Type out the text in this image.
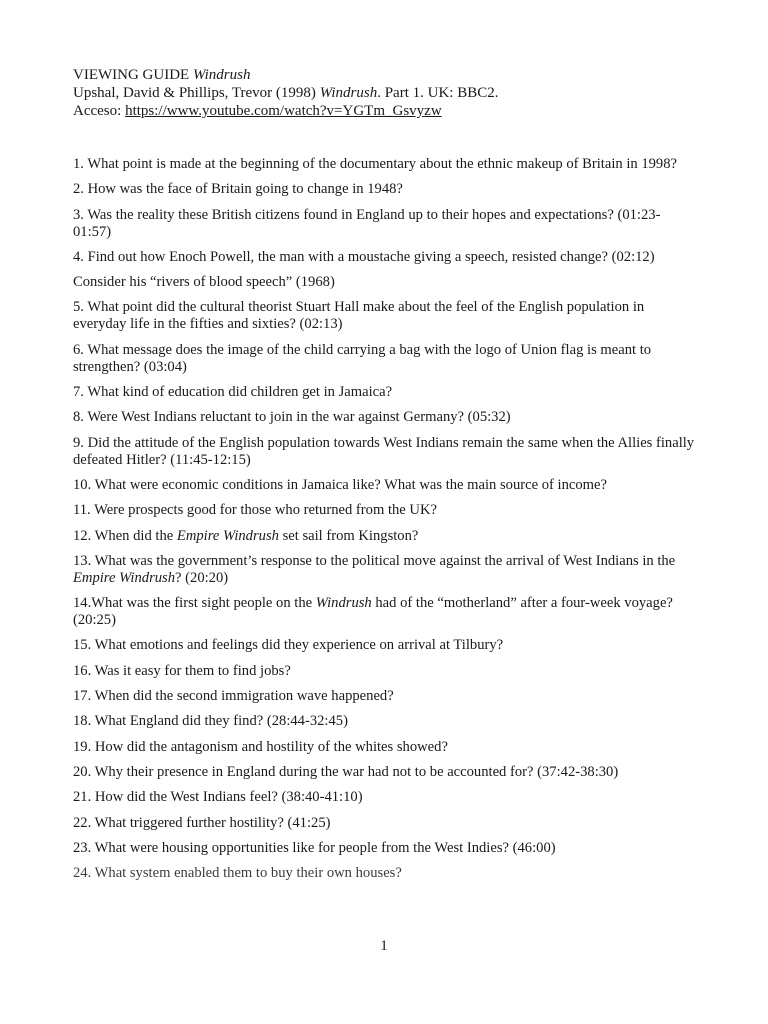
VIEWING GUIDE Windrush
Upshal, David & Phillips, Trevor (1998) Windrush. Part 1. UK: BBC2.
Acceso: https://www.youtube.com/watch?v=YGTm_Gsvyzw

1. What point is made at the beginning of the documentary about the ethnic makeup of Britain in 1998?

2. How was the face of Britain going to change in 1948?

3. Was the reality these British citizens found in England up to their hopes and expectations? (01:23- 01:57)

4. Find out how Enoch Powell, the man with a moustache giving a speech, resisted change? (02:12)

Consider his “rivers of blood speech” (1968)

5. What point did the cultural theorist Stuart Hall make about the feel of the English population in everyday life in the fifties and sixties? (02:13)

6. What message does the image of the child carrying a bag with the logo of Union flag is meant to strengthen? (03:04)

7. What kind of education did children get in Jamaica?

8. Were West Indians reluctant to join in the war against Germany? (05:32)

9. Did the attitude of the English population towards West Indians remain the same when the Allies finally defeated Hitler? (11:45-12:15)

10. What were economic conditions in Jamaica like? What was the main source of income?

11. Were prospects good for those who returned from the UK?

12. When did the Empire Windrush set sail from Kingston?

13. What was the government’s response to the political move against the arrival of West Indians in the Empire Windrush? (20:20)

14.What was the first sight people on the Windrush had of the “motherland” after a four-week voyage? (20:25)

15. What emotions and feelings did they experience on arrival at Tilbury?

16. Was it easy for them to find jobs?

17. When did the second immigration wave happened?

18. What England did they find? (28:44-32:45)

19. How did the antagonism and hostility of the whites showed?

20. Why their presence in England during the war had not to be accounted for? (37:42-38:30)

21. How did the West Indians feel? (38:40-41:10)

22. What triggered further hostility? (41:25)

23. What were housing opportunities like for people from the West Indies? (46:00)

24. What system enabled them to buy their own houses?

1
